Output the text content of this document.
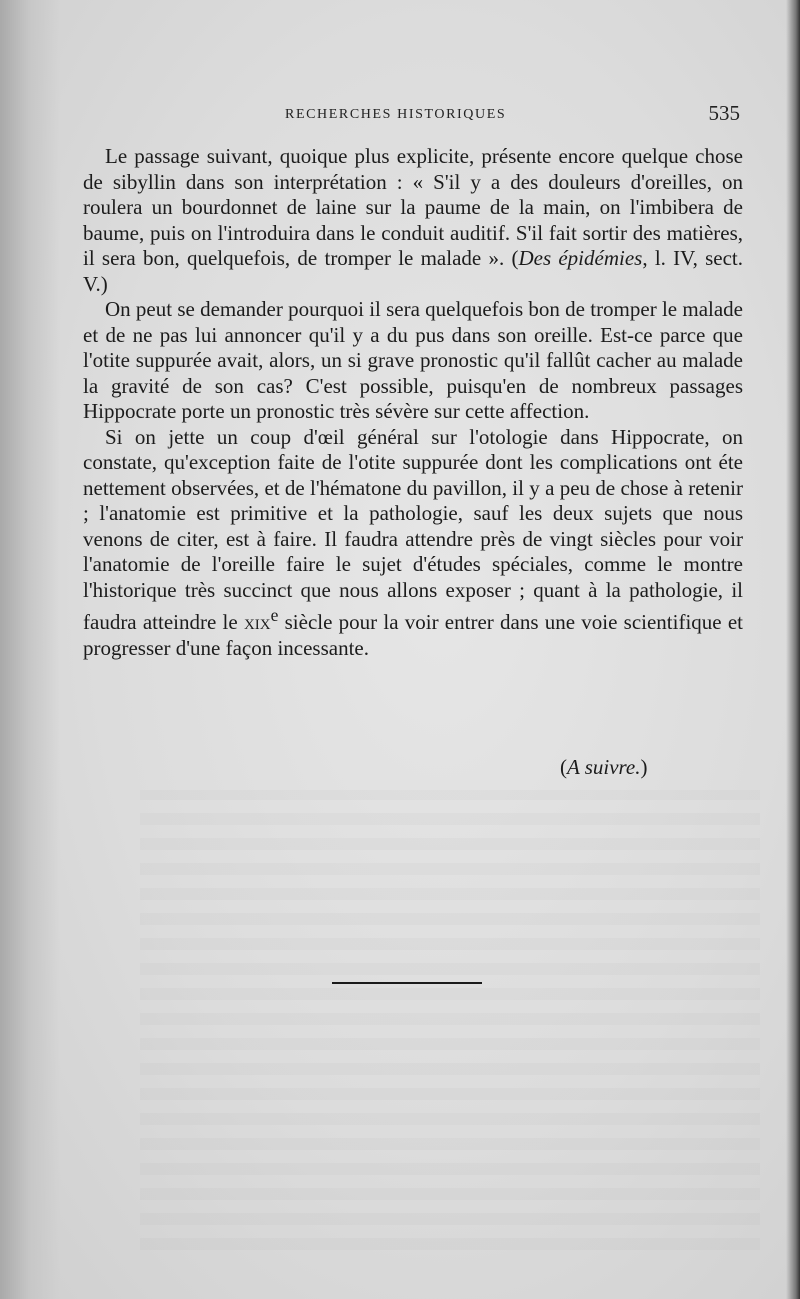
RECHERCHES HISTORIQUES	535

Le passage suivant, quoique plus explicite, présente encore quelque chose de sibyllin dans son interprétation : « S'il y a des douleurs d'oreilles, on roulera un bourdonnet de laine sur la paume de la main, on l'imbibera de baume, puis on l'introduira dans le conduit auditif. S'il fait sortir des matières, il sera bon, quelquefois, de tromper le malade ». (Des épidémies, l. IV, sect. V.)

On peut se demander pourquoi il sera quelquefois bon de tromper le malade et de ne pas lui annoncer qu'il y a du pus dans son oreille. Est-ce parce que l'otite suppurée avait, alors, un si grave pronostic qu'il fallût cacher au malade la gravité de son cas? C'est possible, puisqu'en de nombreux passages Hippocrate porte un pronostic très sévère sur cette affection.

Si on jette un coup d'œil général sur l'otologie dans Hippocrate, on constate, qu'exception faite de l'otite suppurée dont les complications ont éte nettement observées, et de l'hématone du pavillon, il y a peu de chose à retenir ; l'anatomie est primitive et la pathologie, sauf les deux sujets que nous venons de citer, est à faire. Il faudra attendre près de vingt siècles pour voir l'anatomie de l'oreille faire le sujet d'études spéciales, comme le montre l'historique très succinct que nous allons exposer ; quant à la pathologie, il faudra atteindre le xix$^e$ siècle pour la voir entrer dans une voie scientifique et progresser d'une façon incessante.

(A suivre.)
